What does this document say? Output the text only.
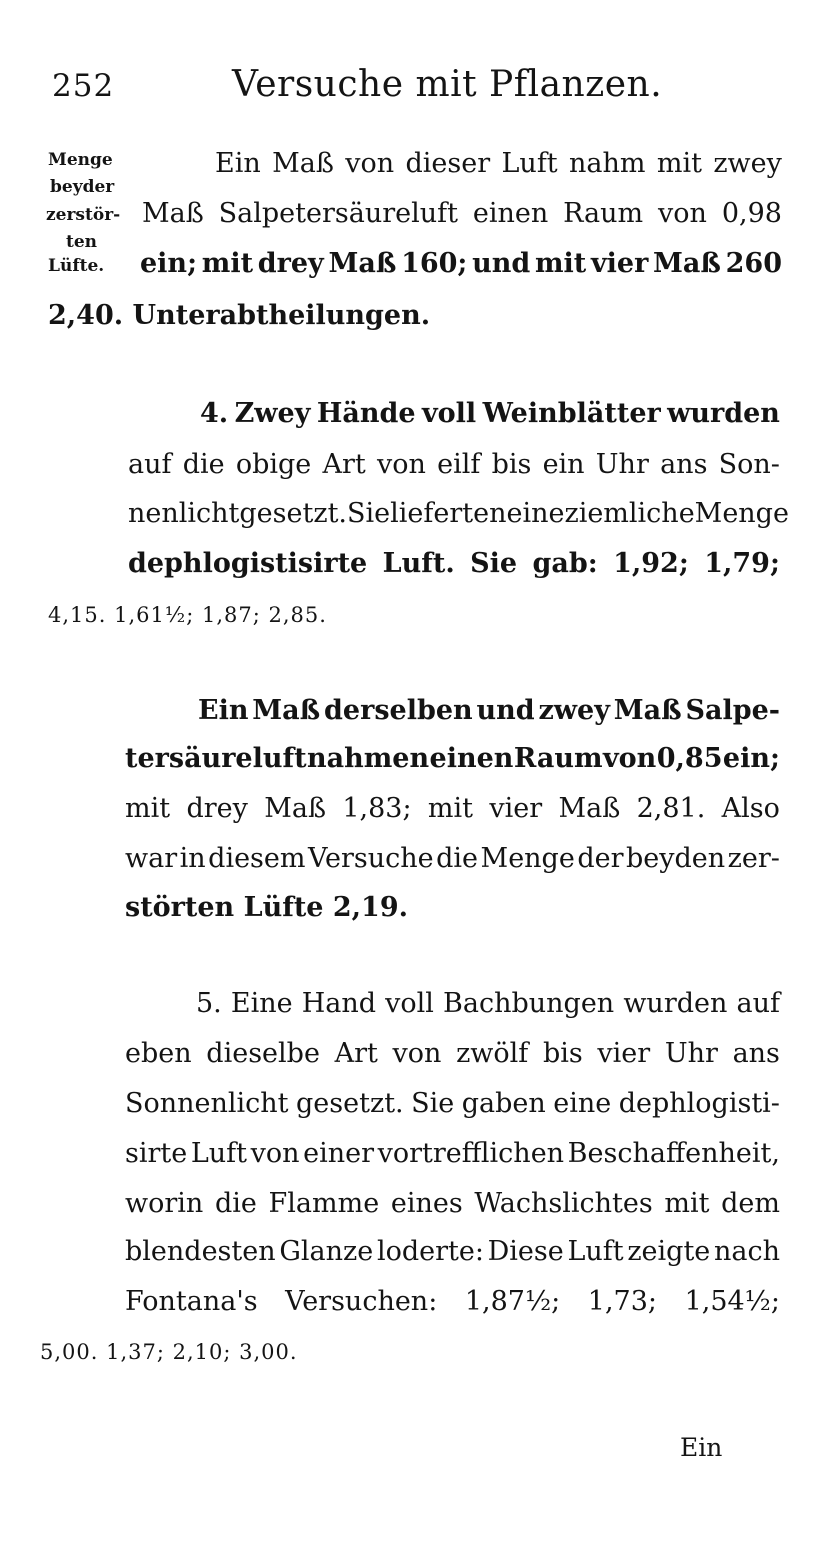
252	Versuche mit Pflanzen.
Menge
beyder
zerstör-
ten
Lüfte.
Ein Maß von dieser Luft nahm mit zwey
Maß Salpetersäureluft einen Raum von 0,98
ein; mit drey Maß 160; und mit vier Maß 260
2,40. Unterabtheilungen.
4. Zwey Hände voll Weinblätter wurden
auf die obige Art von eilf bis ein Uhr ans Son-
nenlicht gesetzt. Sie lieferten eine ziemliche Menge
dephlogistisirte Luft. Sie gab: 1,92; 1,79;
4,15. 1,61½; 1,87; 2,85.
Ein Maß derselben und zwey Maß Salpe-
tersäureluft nahmen einen Raum von 0,85 ein;
mit drey Maß 1,83; mit vier Maß 2,81. Also
war in diesem Versuche die Menge der beyden zer-
störten Lüfte 2,19.
5. Eine Hand voll Bachbungen wurden auf
eben dieselbe Art von zwölf bis vier Uhr ans
Sonnenlicht gesetzt. Sie gaben eine dephlogisti-
sirte Luft von einer vortrefflichen Beschaffenheit,
worin die Flamme eines Wachslichtes mit dem
blendesten Glanze loderte: Diese Luft zeigte nach
Fontana's Versuchen: 1,87½; 1,73; 1,54½;
5,00. 1,37; 2,10; 3,00.
Ein
